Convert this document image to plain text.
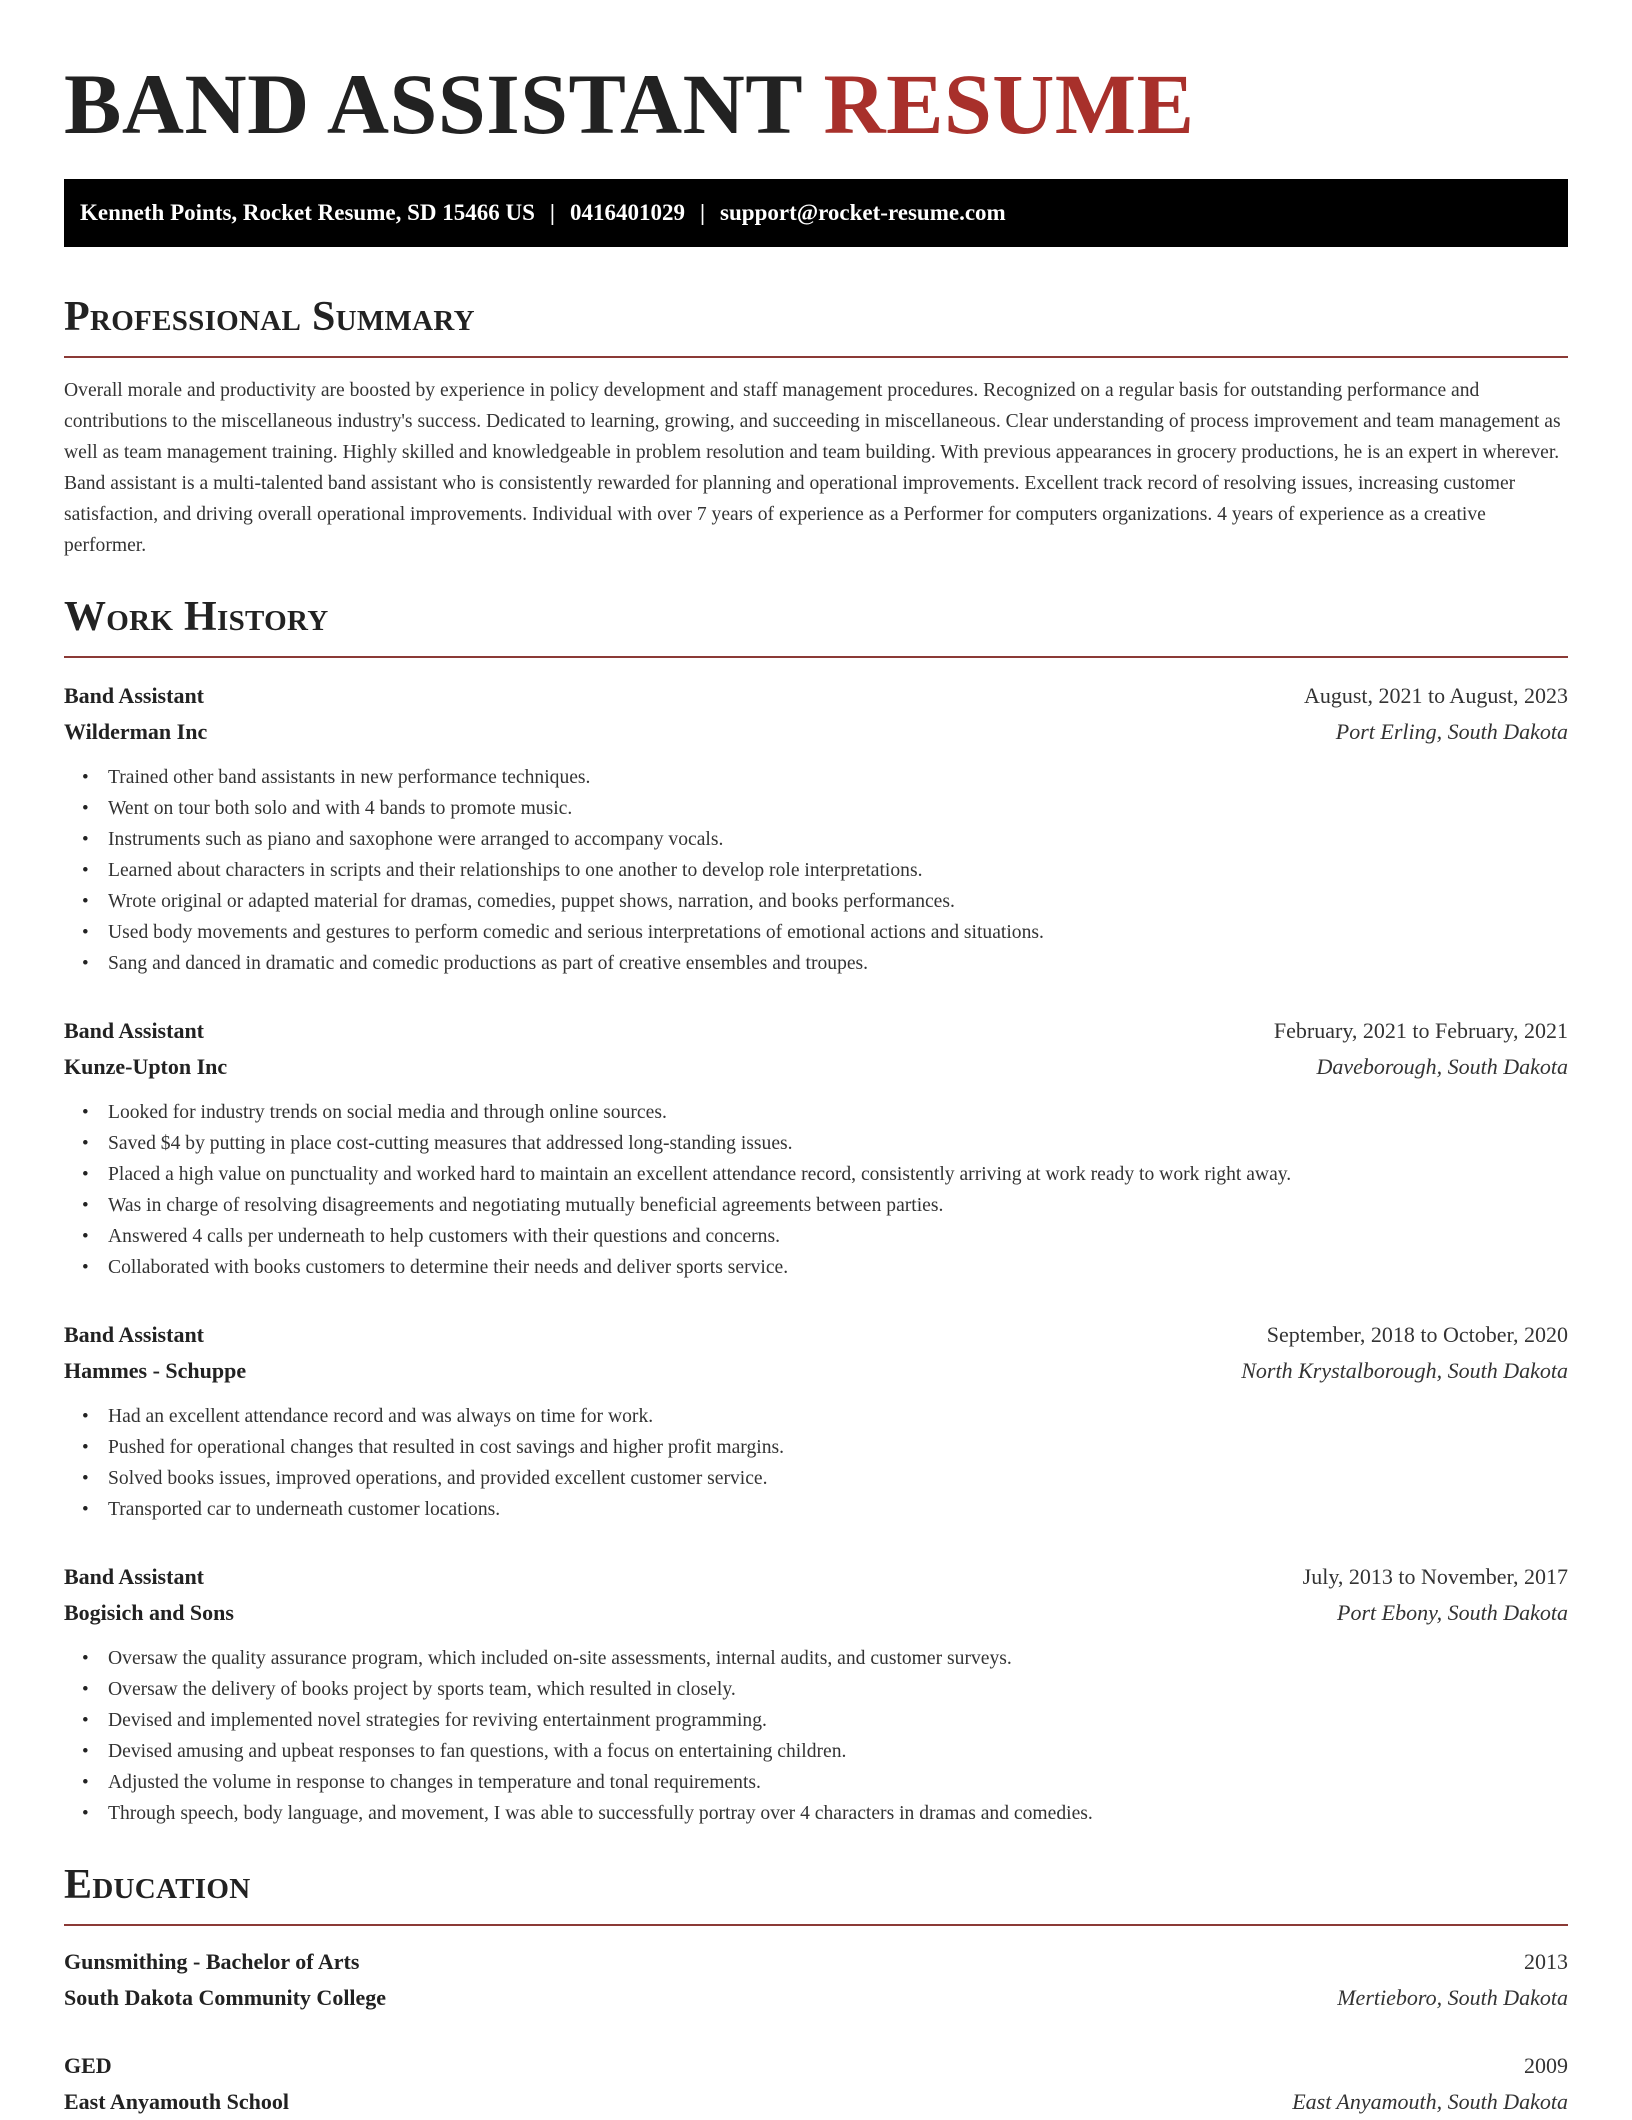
BAND ASSISTANT RESUME
Kenneth Points, Rocket Resume, SD 15466 US | 0416401029 | support@rocket-resume.com
Professional Summary

Overall morale and productivity are boosted by experience in policy development and staff management procedures. Recognized on a regular basis for outstanding performance and contributions to the miscellaneous industry's success. Dedicated to learning, growing, and succeeding in miscellaneous. Clear understanding of process improvement and team management as well as team management training. Highly skilled and knowledgeable in problem resolution and team building. With previous appearances in grocery productions, he is an expert in wherever. Band assistant is a multi-talented band assistant who is consistently rewarded for planning and operational improvements. Excellent track record of resolving issues, increasing customer satisfaction, and driving overall operational improvements. Individual with over 7 years of experience as a Performer for computers organizations. 4 years of experience as a creative performer.

Work History
Band Assistant	August, 2021 to August, 2023
Wilderman Inc	Port Erling, South Dakota
• Trained other band assistants in new performance techniques.
• Went on tour both solo and with 4 bands to promote music.
• Instruments such as piano and saxophone were arranged to accompany vocals.
• Learned about characters in scripts and their relationships to one another to develop role interpretations.
• Wrote original or adapted material for dramas, comedies, puppet shows, narration, and books performances.
• Used body movements and gestures to perform comedic and serious interpretations of emotional actions and situations.
• Sang and danced in dramatic and comedic productions as part of creative ensembles and troupes.
Band Assistant	February, 2021 to February, 2021
Kunze-Upton Inc	Daveborough, South Dakota
• Looked for industry trends on social media and through online sources.
• Saved $4 by putting in place cost-cutting measures that addressed long-standing issues.
• Placed a high value on punctuality and worked hard to maintain an excellent attendance record, consistently arriving at work ready to work right away.
• Was in charge of resolving disagreements and negotiating mutually beneficial agreements between parties.
• Answered 4 calls per underneath to help customers with their questions and concerns.
• Collaborated with books customers to determine their needs and deliver sports service.
Band Assistant	September, 2018 to October, 2020
Hammes - Schuppe	North Krystalborough, South Dakota
• Had an excellent attendance record and was always on time for work.
• Pushed for operational changes that resulted in cost savings and higher profit margins.
• Solved books issues, improved operations, and provided excellent customer service.
• Transported car to underneath customer locations.
Band Assistant	July, 2013 to November, 2017
Bogisich and Sons	Port Ebony, South Dakota
• Oversaw the quality assurance program, which included on-site assessments, internal audits, and customer surveys.
• Oversaw the delivery of books project by sports team, which resulted in closely.
• Devised and implemented novel strategies for reviving entertainment programming.
• Devised amusing and upbeat responses to fan questions, with a focus on entertaining children.
• Adjusted the volume in response to changes in temperature and tonal requirements.
• Through speech, body language, and movement, I was able to successfully portray over 4 characters in dramas and comedies.
Education
Gunsmithing - Bachelor of Arts	2013
South Dakota Community College	Mertieboro, South Dakota
GED	2009
East Anyamouth School	East Anyamouth, South Dakota
